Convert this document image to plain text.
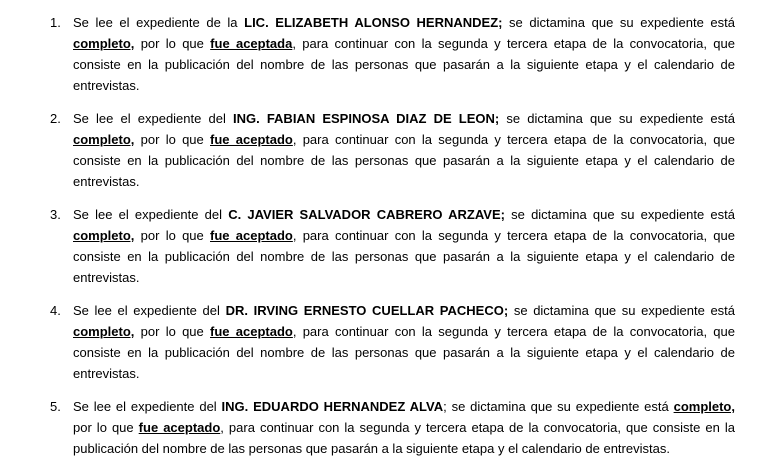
1. Se lee el expediente de la LIC. ELIZABETH ALONSO HERNANDEZ; se dictamina que su expediente está completo, por lo que fue aceptada, para continuar con la segunda y tercera etapa de la convocatoria, que consiste en la publicación del nombre de las personas que pasarán a la siguiente etapa y el calendario de entrevistas.
2. Se lee el expediente del ING. FABIAN ESPINOSA DIAZ DE LEON; se dictamina que su expediente está completo, por lo que fue aceptado, para continuar con la segunda y tercera etapa de la convocatoria, que consiste en la publicación del nombre de las personas que pasarán a la siguiente etapa y el calendario de entrevistas.
3. Se lee el expediente del C. JAVIER SALVADOR CABRERO ARZAVE; se dictamina que su expediente está completo, por lo que fue aceptado, para continuar con la segunda y tercera etapa de la convocatoria, que consiste en la publicación del nombre de las personas que pasarán a la siguiente etapa y el calendario de entrevistas.
4. Se lee el expediente del DR. IRVING ERNESTO CUELLAR PACHECO; se dictamina que su expediente está completo, por lo que fue aceptado, para continuar con la segunda y tercera etapa de la convocatoria, que consiste en la publicación del nombre de las personas que pasarán a la siguiente etapa y el calendario de entrevistas.
5. Se lee el expediente del ING. EDUARDO HERNANDEZ ALVA; se dictamina que su expediente está completo, por lo que fue aceptado, para continuar con la segunda y tercera etapa de la convocatoria, que consiste en la publicación del nombre de las personas que pasarán a la siguiente etapa y el calendario de entrevistas.
